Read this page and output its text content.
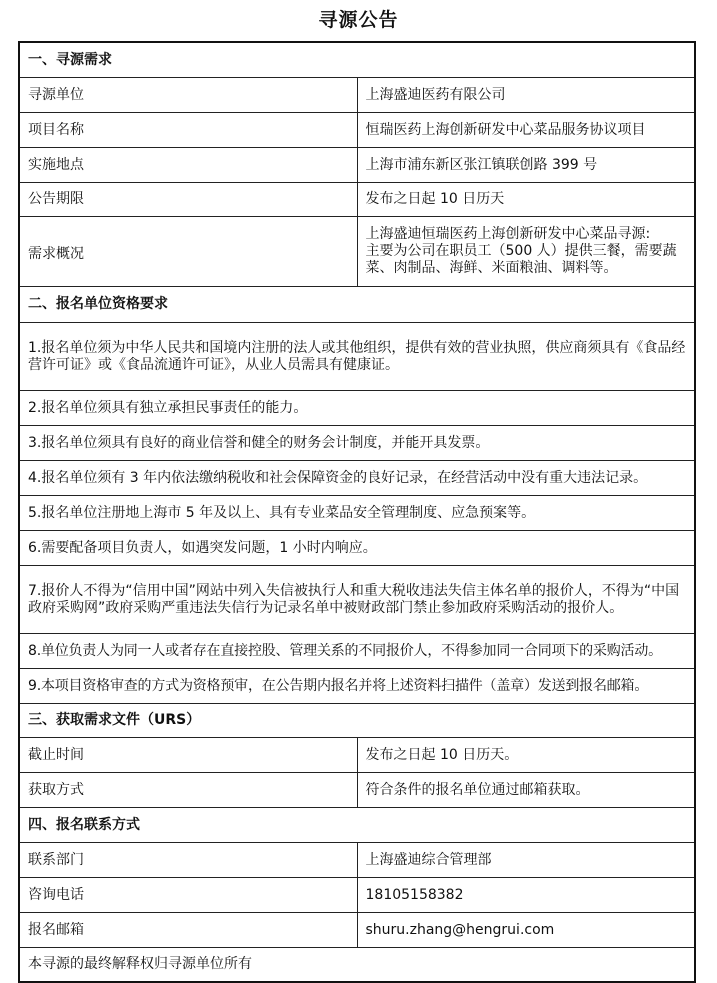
寻源公告
一、寻源需求	
寻源单位	上海盛迪医药有限公司
项目名称	恒瑞医药上海创新研发中心菜品服务协议项目
实施地点	上海市浦东新区张江镇联创路 399 号
公告期限	发布之日起 10 日历天
需求概况	上海盛迪恒瑞医药上海创新研发中心菜品寻源:
主要为公司在职员工（500 人）提供三餐，需要蔬菜、肉制品、海鲜、米面粮油、调料等。

二、报名单位资格要求	
1.报名单位须为中华人民共和国境内注册的法人或其他组织，提供有效的营业执照，供应商须具有《食品经营许可证》或《食品流通许可证》，从业人员需具有健康证。	
2.报名单位须具有独立承担民事责任的能力。	
3.报名单位须具有良好的商业信誉和健全的财务会计制度，并能开具发票。	
4.报名单位须有 3 年内依法缴纳税收和社会保障资金的良好记录，在经营活动中没有重大违法记录。	
5.报名单位注册地上海市 5 年及以上、具有专业菜品安全管理制度、应急预案等。	
6.需要配备项目负责人，如遇突发问题，1 小时内响应。	
7.报价人不得为“信用中国”网站中列入失信被执行人和重大税收违法失信主体名单的报价人，不得为“中国政府采购网”政府采购严重违法失信行为记录名单中被财政部门禁止参加政府采购活动的报价人。	
8.单位负责人为同一人或者存在直接控股、管理关系的不同报价人，不得参加同一合同项下的采购活动。	
9.本项目资格审查的方式为资格预审，在公告期内报名并将上述资料扫描件（盖章）发送到报名邮箱。	
三、获取需求文件（URS）	
截止时间	发布之日起 10 日历天。
获取方式	符合条件的报名单位通过邮箱获取。
四、报名联系方式	
联系部门	上海盛迪综合管理部
咨询电话	18105158382
报名邮箱	shuru.zhang@hengrui.com
本寻源的最终解释权归寻源单位所有	
